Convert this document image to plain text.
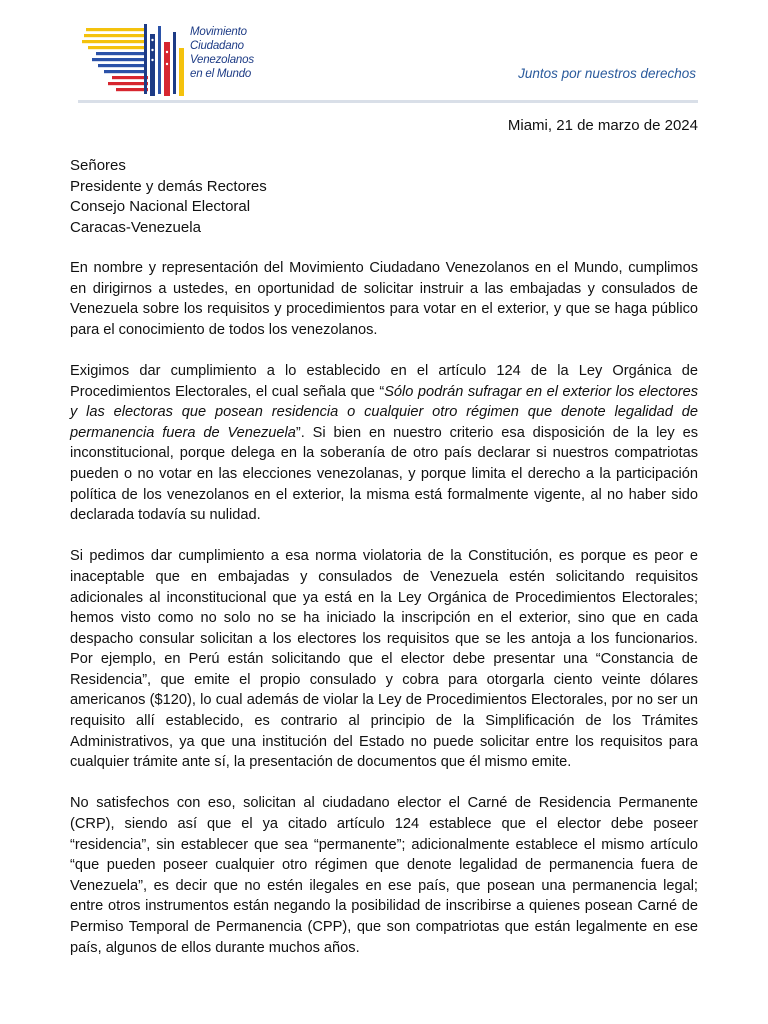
Movimiento
Ciudadano
Venezolanos
en el Mundo	Juntos por nuestros derechos
Miami, 21 de marzo de 2024
Señores
Presidente y demás Rectores
Consejo Nacional Electoral
Caracas-Venezuela

En nombre y representación del Movimiento Ciudadano Venezolanos en el Mundo, cumplimos en dirigirnos a ustedes, en oportunidad de solicitar instruir a las embajadas y consulados de Venezuela sobre los requisitos y procedimientos para votar en el exterior, y que se haga público para el conocimiento de todos los venezolanos.

Exigimos dar cumplimiento a lo establecido en el artículo 124 de la Ley Orgánica de Procedimientos Electorales, el cual señala que “Sólo podrán sufragar en el exterior los electores y las electoras que posean residencia o cualquier otro régimen que denote legalidad de permanencia fuera de Venezuela”. Si bien en nuestro criterio esa disposición de la ley es inconstitucional, porque delega en la soberanía de otro país declarar si nuestros compatriotas pueden o no votar en las elecciones venezolanas, y porque limita el derecho a la participación política de los venezolanos en el exterior, la misma está formalmente vigente, al no haber sido declarada todavía su nulidad.

Si pedimos dar cumplimiento a esa norma violatoria de la Constitución, es porque es peor e inaceptable que en embajadas y consulados de Venezuela estén solicitando requisitos adicionales al inconstitucional que ya está en la Ley Orgánica de Procedimientos Electorales; hemos visto como no solo no se ha iniciado la inscripción en el exterior, sino que en cada despacho consular solicitan a los electores los requisitos que se les antoja a los funcionarios. Por ejemplo, en Perú están solicitando que el elector debe presentar una “Constancia de Residencia”, que emite el propio consulado y cobra para otorgarla ciento veinte dólares americanos ($120), lo cual además de violar la Ley de Procedimientos Electorales, por no ser un requisito allí establecido, es contrario al principio de la Simplificación de los Trámites Administrativos, ya que una institución del Estado no puede solicitar entre los requisitos para cualquier trámite ante sí, la presentación de documentos que él mismo emite.

No satisfechos con eso, solicitan al ciudadano elector el Carné de Residencia Permanente (CRP), siendo así que el ya citado artículo 124 establece que el elector debe poseer “residencia”, sin establecer que sea “permanente”; adicionalmente establece el mismo artículo “que pueden poseer cualquier otro régimen que denote legalidad de permanencia fuera de Venezuela”, es decir que no estén ilegales en ese país, que posean una permanencia legal; entre otros instrumentos están negando la posibilidad de inscribirse a quienes posean Carné de Permiso Temporal de Permanencia (CPP), que son compatriotas que están legalmente en ese país, algunos de ellos durante muchos años.
